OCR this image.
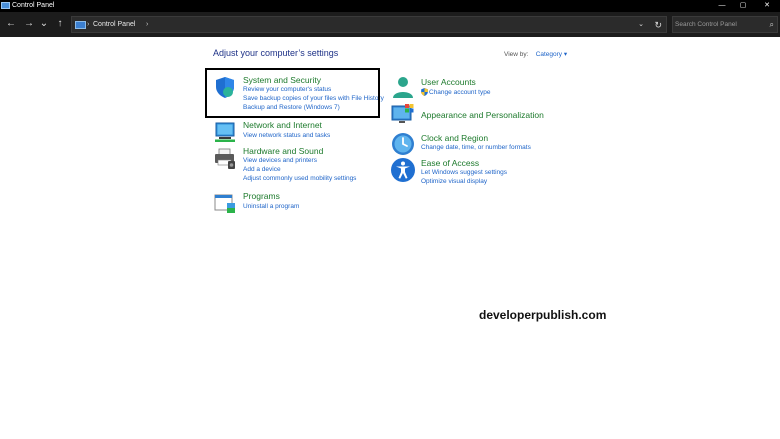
Control Panel	—	▢	✕
← → ⌄ ↑	› Control Panel ›	⌄ ↻
Search Control Panel	⌕
Adjust your computer’s settings	View by: Category ▾
System and Security
Review your computer's status
Save backup copies of your files with File History
Backup and Restore (Windows 7)
Network and Internet
View network status and tasks
Hardware and Sound
View devices and printers
Add a device
Adjust commonly used mobility settings
Programs
Uninstall a program
User Accounts
Change account type
Appearance and Personalization
Clock and Region
Change date, time, or number formats
Ease of Access
Let Windows suggest settings
Optimize visual display
developerpublish.com
